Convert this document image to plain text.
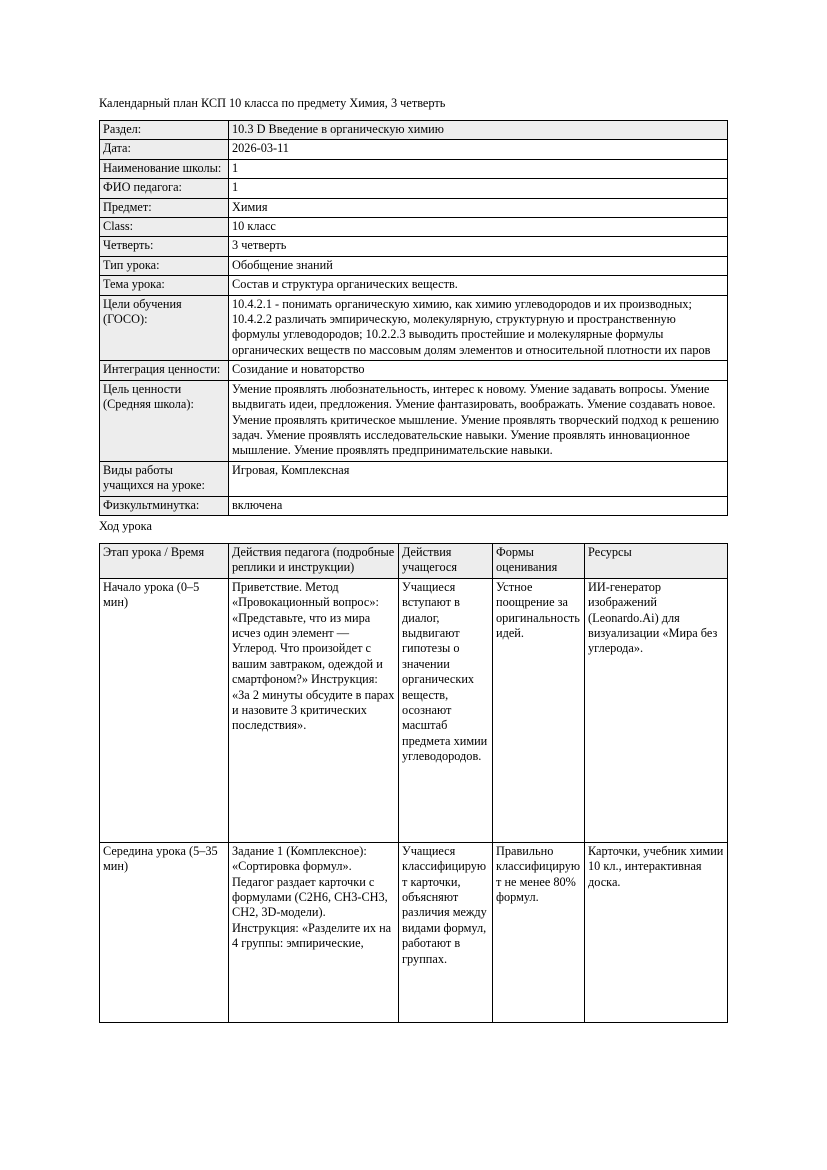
Календарный план КСП 10 класса по предмету Химия, 3 четверть
Раздел:	10.3 D Введение в органическую химию
Дата:	2026-03-11
Наименование школы:	1
ФИО педагога:	1
Предмет:	Химия
Class:	10 класс
Четверть:	3 четверть
Тип урока:	Обобщение знаний
Тема урока:	Состав и структура органических веществ.
Цели обучения (ГОСО):	10.4.2.1 - понимать органическую химию, как химию углеводородов и их производных; 10.4.2.2 различать эмпирическую, молекулярную, структурную и пространственную формулы углеводородов; 10.2.2.3 выводить простейшие и молекулярные формулы органических веществ по массовым долям элементов и относительной плотности их паров
Интеграция ценности:	Созидание и новаторство
Цель ценности (Средняя школа):	Умение проявлять любознательность, интерес к новому. Умение задавать вопросы. Умение выдвигать идеи, предложения. Умение фантазировать, воображать. Умение создавать новое. Умение проявлять критическое мышление. Умение проявлять творческий подход к решению задач. Умение проявлять исследовательские навыки. Умение проявлять инновационное мышление. Умение проявлять предпринимательские навыки.
Виды работы учащихся на уроке:	Игровая, Комплексная
Физкультминутка:	включена
Ход урока
Этап урока / Время	Действия педагога (подробные реплики и инструкции)	Действия учащегося	Формы оценивания	Ресурсы
Начало урока (0–5 мин)	Приветствие. Метод «Провокационный вопрос»: «Представьте, что из мира исчез один элемент — Углерод. Что произойдет с вашим завтраком, одеждой и смартфоном?» Инструкция: «За 2 минуты обсудите в парах и назовите 3 критических последствия».	Учащиеся вступают в диалог, выдвигают гипотезы о значении органических веществ, осознают масштаб предмета химии углеводородов.	Устное поощрение за оригинальность идей.	ИИ-генератор изображений (Leonardo.Ai) для визуализации «Мира без углерода».
Середина урока (5–35 мин)	Задание 1 (Комплексное): «Сортировка формул». Педагог раздает карточки с формулами (C2H6, CH3-CH3, CH2, 3D-модели). Инструкция: «Разделите их на 4 группы: эмпирические,	Учащиеся классифицируют карточки, объясняют различия между видами формул, работают в группах.	Правильно классифицируют не менее 80% формул.	Карточки, учебник химии 10 кл., интерактивная доска.
